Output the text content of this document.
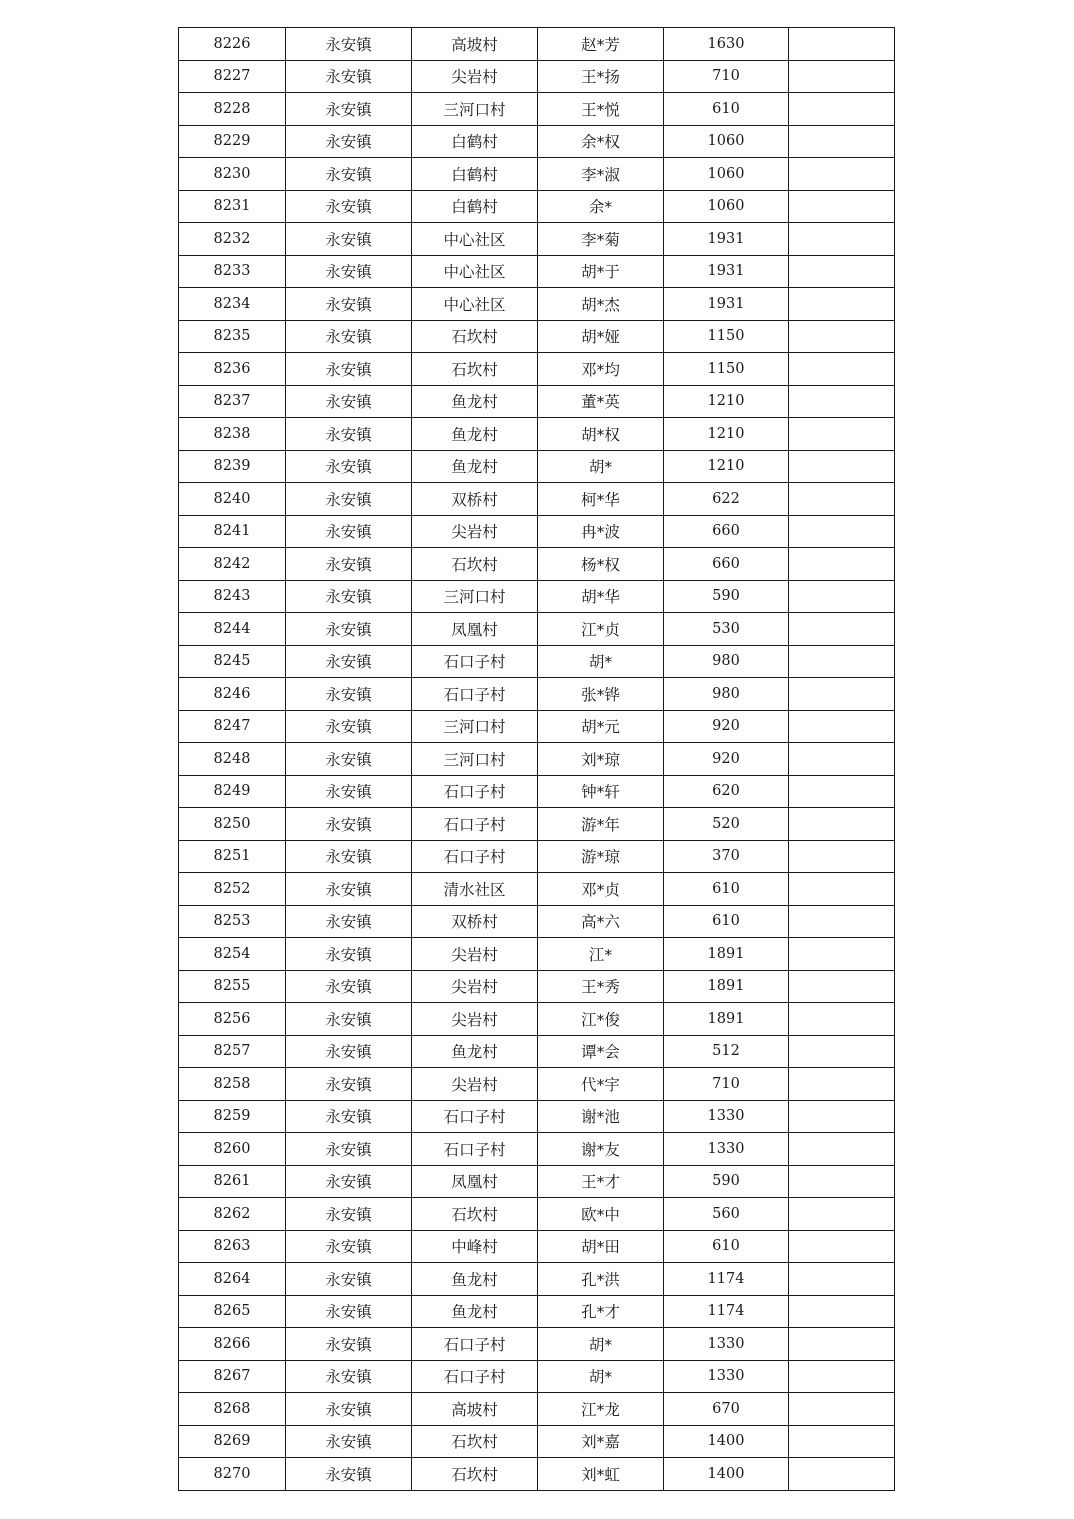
8226	永安镇	高坡村	赵*芳	1630	
8227	永安镇	尖岩村	王*扬	710	
8228	永安镇	三河口村	王*悦	610	
8229	永安镇	白鹤村	余*权	1060	
8230	永安镇	白鹤村	李*淑	1060	
8231	永安镇	白鹤村	余*	1060	
8232	永安镇	中心社区	李*菊	1931	
8233	永安镇	中心社区	胡*于	1931	
8234	永安镇	中心社区	胡*杰	1931	
8235	永安镇	石坎村	胡*娅	1150	
8236	永安镇	石坎村	邓*均	1150	
8237	永安镇	鱼龙村	董*英	1210	
8238	永安镇	鱼龙村	胡*权	1210	
8239	永安镇	鱼龙村	胡*	1210	
8240	永安镇	双桥村	柯*华	622	
8241	永安镇	尖岩村	冉*波	660	
8242	永安镇	石坎村	杨*权	660	
8243	永安镇	三河口村	胡*华	590	
8244	永安镇	凤凰村	江*贞	530	
8245	永安镇	石口子村	胡*	980	
8246	永安镇	石口子村	张*铧	980	
8247	永安镇	三河口村	胡*元	920	
8248	永安镇	三河口村	刘*琼	920	
8249	永安镇	石口子村	钟*轩	620	
8250	永安镇	石口子村	游*年	520	
8251	永安镇	石口子村	游*琼	370	
8252	永安镇	清水社区	邓*贞	610	
8253	永安镇	双桥村	高*六	610	
8254	永安镇	尖岩村	江*	1891	
8255	永安镇	尖岩村	王*秀	1891	
8256	永安镇	尖岩村	江*俊	1891	
8257	永安镇	鱼龙村	谭*会	512	
8258	永安镇	尖岩村	代*宇	710	
8259	永安镇	石口子村	谢*池	1330	
8260	永安镇	石口子村	谢*友	1330	
8261	永安镇	凤凰村	王*才	590	
8262	永安镇	石坎村	欧*中	560	
8263	永安镇	中峰村	胡*田	610	
8264	永安镇	鱼龙村	孔*洪	1174	
8265	永安镇	鱼龙村	孔*才	1174	
8266	永安镇	石口子村	胡*	1330	
8267	永安镇	石口子村	胡*	1330	
8268	永安镇	高坡村	江*龙	670	
8269	永安镇	石坎村	刘*嘉	1400	
8270	永安镇	石坎村	刘*虹	1400	
